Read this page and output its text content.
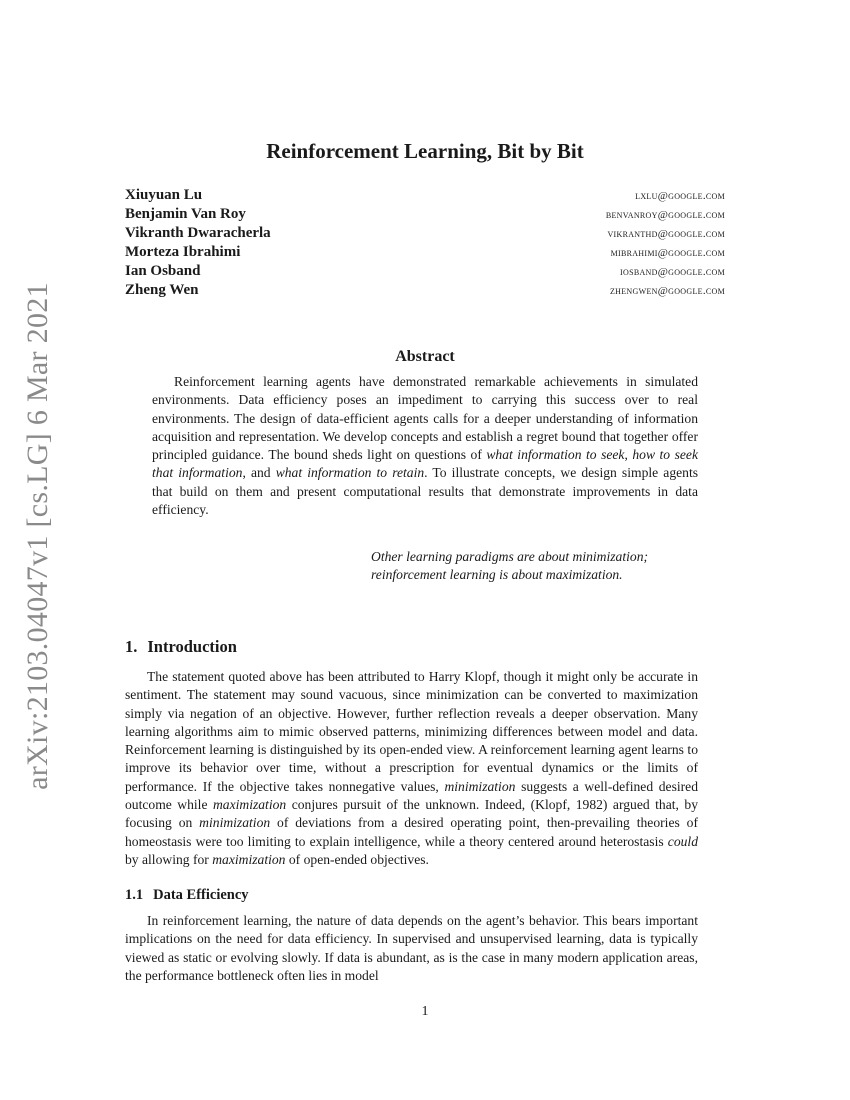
arXiv:2103.04047v1 [cs.LG] 6 Mar 2021
Reinforcement Learning, Bit by Bit
Xiuyuan Lu	lxlu@google.com
Benjamin Van Roy	benvanroy@google.com
Vikranth Dwaracherla	vikranthd@google.com
Morteza Ibrahimi	mibrahimi@google.com
Ian Osband	iosband@google.com
Zheng Wen	zhengwen@google.com
Abstract

Reinforcement learning agents have demonstrated remarkable achievements in simulated environments. Data efficiency poses an impediment to carrying this success over to real environments. The design of data-efficient agents calls for a deeper understanding of information acquisition and representation. We develop concepts and establish a regret bound that together offer principled guidance. The bound sheds light on questions of what information to seek, how to seek that information, and what information to retain. To illustrate concepts, we design simple agents that build on them and present computational results that demonstrate improvements in data efficiency.

Other learning paradigms are about minimization;
reinforcement learning is about maximization.

1. Introduction

The statement quoted above has been attributed to Harry Klopf, though it might only be accurate in sentiment. The statement may sound vacuous, since minimization can be converted to maximization simply via negation of an objective. However, further reflection reveals a deeper observation. Many learning algorithms aim to mimic observed patterns, minimizing differences between model and data. Reinforcement learning is distinguished by its open-ended view. A reinforcement learning agent learns to improve its behavior over time, without a prescription for eventual dynamics or the limits of performance. If the objective takes nonnegative values, minimization suggests a well-defined desired outcome while maximization conjures pursuit of the unknown. Indeed, (Klopf, 1982) argued that, by focusing on minimization of deviations from a desired operating point, then-prevailing theories of homeostasis were too limiting to explain intelligence, while a theory centered around heterostasis could by allowing for maximization of open-ended objectives.

1.1 Data Efficiency

In reinforcement learning, the nature of data depends on the agent’s behavior. This bears important implications on the need for data efficiency. In supervised and unsupervised learning, data is typically viewed as static or evolving slowly. If data is abundant, as is the case in many modern application areas, the performance bottleneck often lies in model

1
